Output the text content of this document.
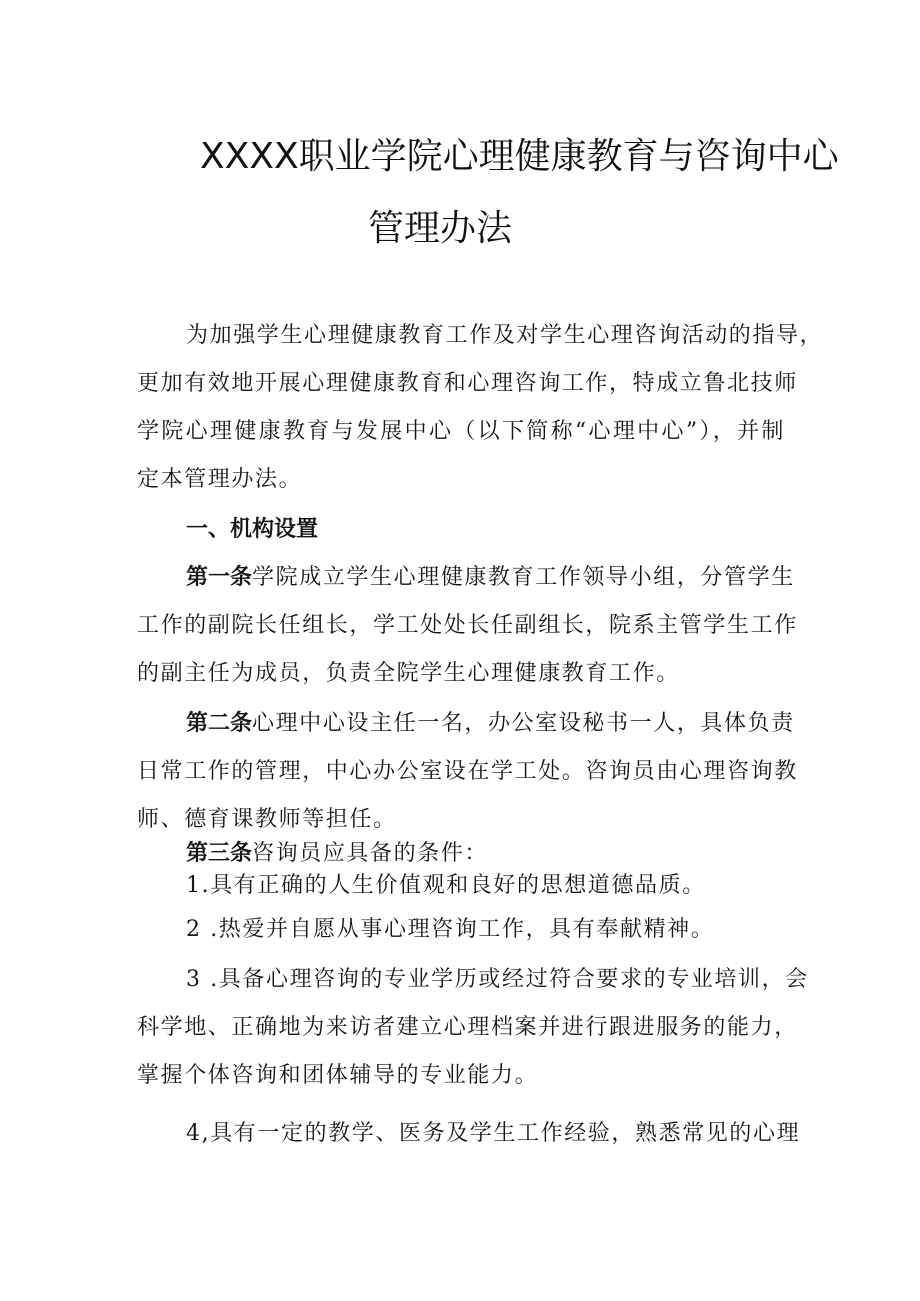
XXXX职业学院心理健康教育与咨询中心
管理办法
为加强学生心理健康教育工作及对学生心理咨询活动的指导，
更加有效地开展心理健康教育和心理咨询工作，特成立鲁北技师
学院心理健康教育与发展中心（以下简称“心理中心”），并制
定本管理办法。
一、机构设置
第一条学院成立学生心理健康教育工作领导小组，分管学生
工作的副院长任组长，学工处处长任副组长，院系主管学生工作
的副主任为成员，负责全院学生心理健康教育工作。
第二条心理中心设主任一名，办公室设秘书一人，具体负责
日常工作的管理，中心办公室设在学工处。咨询员由心理咨询教
师、德育课教师等担任。
第三条咨询员应具备的条件：
1.具有正确的人生价值观和良好的思想道德品质。
2 .热爱并自愿从事心理咨询工作，具有奉献精神。
3 .具备心理咨询的专业学历或经过符合要求的专业培训，会
科学地、正确地为来访者建立心理档案并进行跟进服务的能力，
掌握个体咨询和团体辅导的专业能力。
4,具有一定的教学、医务及学生工作经验，熟悉常见的心理
